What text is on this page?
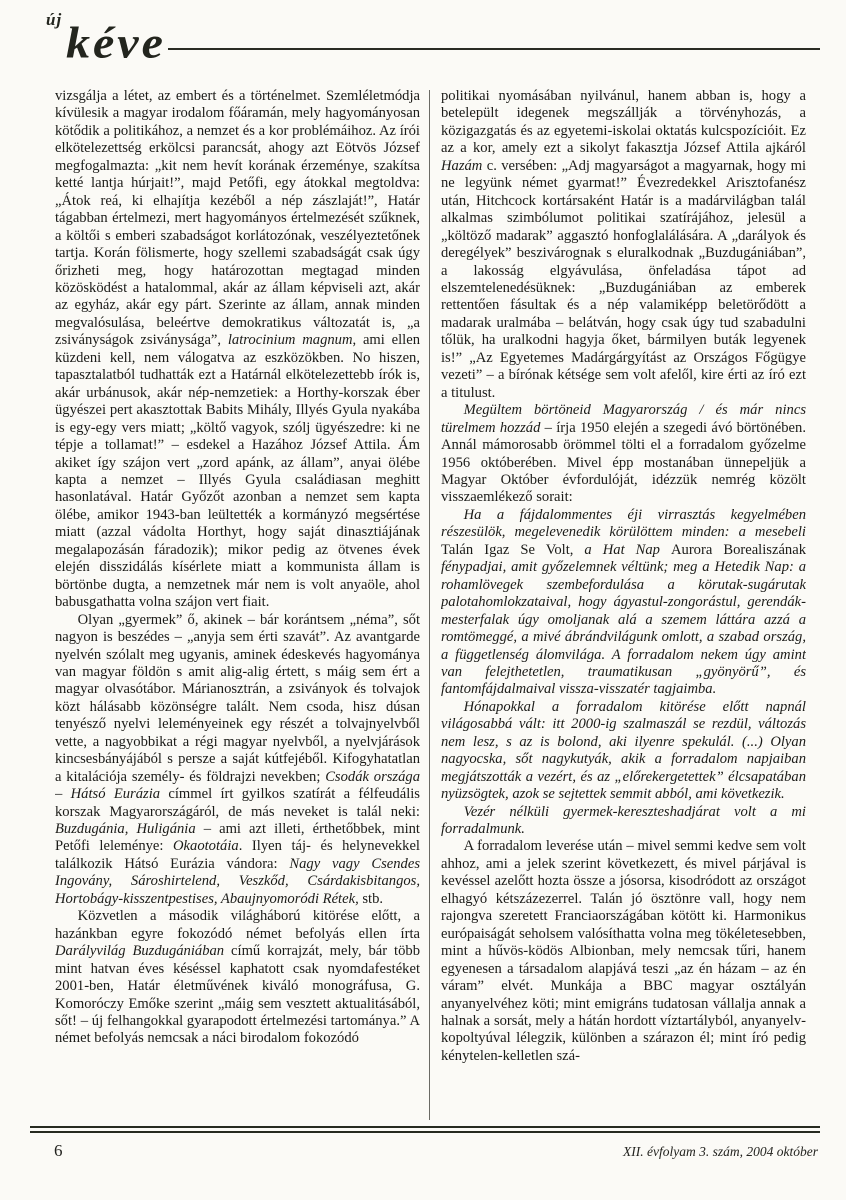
új kéve

vizsgálja a létet, az embert és a történelmet. Szemléletmódja kívülesik a magyar irodalom főáramán, mely hagyományosan kötődik a politikához, a nemzet és a kor problémáihoz. Az írói elkötelezettség erkölcsi parancsát, ahogy azt Eötvös József megfogalmazta: „kit nem hevít korának érzeménye, szakítsa ketté lantja húrjait!”, majd Petőfi, egy átokkal megtoldva: „Átok reá, ki elhajítja kezéből a nép zászlaját!”, Határ tágabban értelmezi, mert hagyományos értelmezését szűknek, a költői s emberi szabadságot korlátozónak, veszélyeztetőnek tartja. Korán fölismerte, hogy szellemi szabadságát csak úgy őrizheti meg, hogy határozottan megtagad minden közösködést a hatalommal, akár az állam képviseli azt, akár az egyház, akár egy párt. Szerinte az állam, annak minden megvalósulása, beleértve demokratikus változatát is, „a zsiványságok zsiványsága”, latrocinium magnum, ami ellen küzdeni kell, nem válogatva az eszközökben. No hiszen, tapasztalatból tudhatták ezt a Határnál elkötelezettebb írók is, akár urbánusok, akár nép-nemzetiek: a Horthy-korszak éber ügyészei pert akasztottak Babits Mihály, Illyés Gyula nyakába is egy-egy vers miatt; „költő vagyok, szólj ügyészedre: ki ne tépje a tollamat!” – esdekel a Hazához József Attila. Ám akiket így szájon vert „zord apánk, az állam”, anyai ölébe kapta a nemzet – Illyés Gyula családiasan meghitt hasonlatával. Határ Győzőt azonban a nemzet sem kapta ölébe, amikor 1943-ban leültették a kormányzó megsértése miatt (azzal vádolta Horthyt, hogy saját dinasztiájának megalapozásán fáradozik); mikor pedig az ötvenes évek elején disszidálás kísérlete miatt a kommunista állam is börtönbe dugta, a nemzetnek már nem is volt anyaöle, ahol babusgathatta volna szájon vert fiait.

Olyan „gyermek” ő, akinek – bár korántsem „néma”, sőt nagyon is beszédes – „anyja sem érti szavát”. Az avantgarde nyelvén szólalt meg ugyanis, aminek édeskevés hagyománya van magyar földön s amit alig-alig értett, s máig sem ért a magyar olvasótábor. Márianosztrán, a zsiványok és tolvajok közt hálásabb közönségre talált. Nem csoda, hisz dúsan tenyésző nyelvi leleményeinek egy részét a tolvajnyelvből vette, a nagyobbikat a régi magyar nyelvből, a nyelvjárások kincsesbányájából s persze a saját kútfejéből. Kifogyhatatlan a kitalációja személy- és földrajzi nevekben; Csodák országa – Hátsó Eurázia címmel írt gyilkos szatírát a félfeudális korszak Magyarországáról, de más neveket is talál neki: Buzdugánia, Huligánia – ami azt illeti, érthetőbbek, mint Petőfi leleménye: Okaototáia. Ilyen táj- és helynevekkel találkozik Hátsó Eurázia vándora: Nagy vagy Csendes Ingovány, Sároshirtelend, Veszkőd, Csárdakisbitangos, Hortobágy-kisszentpestises, Abaujnyomoródi Rétek, stb.

Közvetlen a második világháború kitörése előtt, a hazánkban egyre fokozódó német befolyás ellen írta Darályvilág Buzdugániában című korrajzát, mely, bár több mint hatvan éves késéssel kaphatott csak nyomdafestéket 2001-ben, Határ életművének kiváló monográfusa, G. Komoróczy Emőke szerint „máig sem vesztett aktualitásából, sőt! – új felhangokkal gyarapodott értelmezési tartománya.” A német befolyás nemcsak a náci birodalom fokozódó

politikai nyomásában nyilvánul, hanem abban is, hogy a betelepült idegenek megszállják a törvényhozás, a közigazgatás és az egyetemi-iskolai oktatás kulcspozícióit. Ez az a kor, amely ezt a sikolyt fakasztja József Attila ajkáról Hazám c. versében: „Adj magyarságot a magyarnak, hogy mi ne legyünk német gyarmat!” Évezredekkel Arisztofanész után, Hitchcock kortársaként Határ is a madárvilágban talál alkalmas szimbólumot politikai szatírájához, jelesül a „költöző madarak” aggasztó honfoglalálására. A „darályok és deregélyek” beszivárognak s eluralkodnak „Buzdugániában”, a lakosság elgyávulása, önfeladása tápot ad elszemtelenedésüknek: „Buzdugániában az emberek rettentően fásultak és a nép valamiképp beletörődött a madarak uralmába – belátván, hogy csak úgy tud szabadulni tőlük, ha uralkodni hagyja őket, bármilyen buták legyenek is!” „Az Egyetemes Madárgárgyítást az Országos Főgügye vezeti” – a bírónak kétsége sem volt afelől, kire érti az író ezt a titulust.

Megültem börtöneid Magyarország / és már nincs türelmem hozzád – írja 1950 elején a szegedi ávó börtönében. Annál mámorosabb örömmel tölti el a forradalom győzelme 1956 októberében. Mivel épp mostanában ünnepeljük a Magyar Október évfordulóját, idézzük nemrég közölt visszaemlékező sorait:

Ha a fájdalommentes éji virrasztás kegyelmében részesülök, megelevenedik körülöttem minden: a mesebeli Talán Igaz Se Volt, a Hat Nap Aurora Borealiszának fénypadjai, amit győzelemnek véltünk; meg a Hetedik Nap: a rohamlövegek szembefordulása a körutak-sugárutak palotahomlokzataival, hogy ágyastul-zongorástul, gerendák-mesterfalak úgy omoljanak alá a szemem láttára azzá a romtömeggé, a mivé ábrándvilágunk omlott, a szabad ország, a függetlenség álomvilága. A forradalom nekem úgy amint van felejthetetlen, traumatikusan „gyönyörű”, és fantomfájdalmaival vissza-visszatér tagjaimba.

Hónapokkal a forradalom kitörése előtt napnál világosabbá vált: itt 2000-ig szalmaszál se rezdül, változás nem lesz, s az is bolond, aki ilyenre spekulál. (...) Olyan nagyocska, sőt nagykutyák, akik a forradalom napjaiban megjátszották a vezért, és az „előrekergetettek” élcsapatában nyüzsögtek, azok se sejtettek semmit abból, ami következik.

Vezér nélküli gyermek-kereszteshadjárat volt a mi forradalmunk.

A forradalom leverése után – mivel semmi kedve sem volt ahhoz, ami a jelek szerint következett, és mivel párjával is kevéssel azelőtt hozta össze a jósorsa, kisodródott az országot elhagyó kétszázezerrel. Talán jó ösztönre vall, hogy nem rajongva szeretett Franciaországában kötött ki. Harmonikus európaiságát seholsem valósíthatta volna meg tökéletesebben, mint a hűvös-ködös Albionban, mely nemcsak tűri, hanem egyenesen a társadalom alapjává teszi „az én házam – az én váram” elvét. Munkája a BBC magyar osztályán anyanyelvéhez köti; mint emigráns tudatosan vállalja annak a halnak a sorsát, mely a hátán hordott víztartályból, anyanyelv-kopoltyúval lélegzik, különben a szárazon él; mint író pedig kénytelen-kelletlen szá-

6	XII. évfolyam 3. szám, 2004 október
